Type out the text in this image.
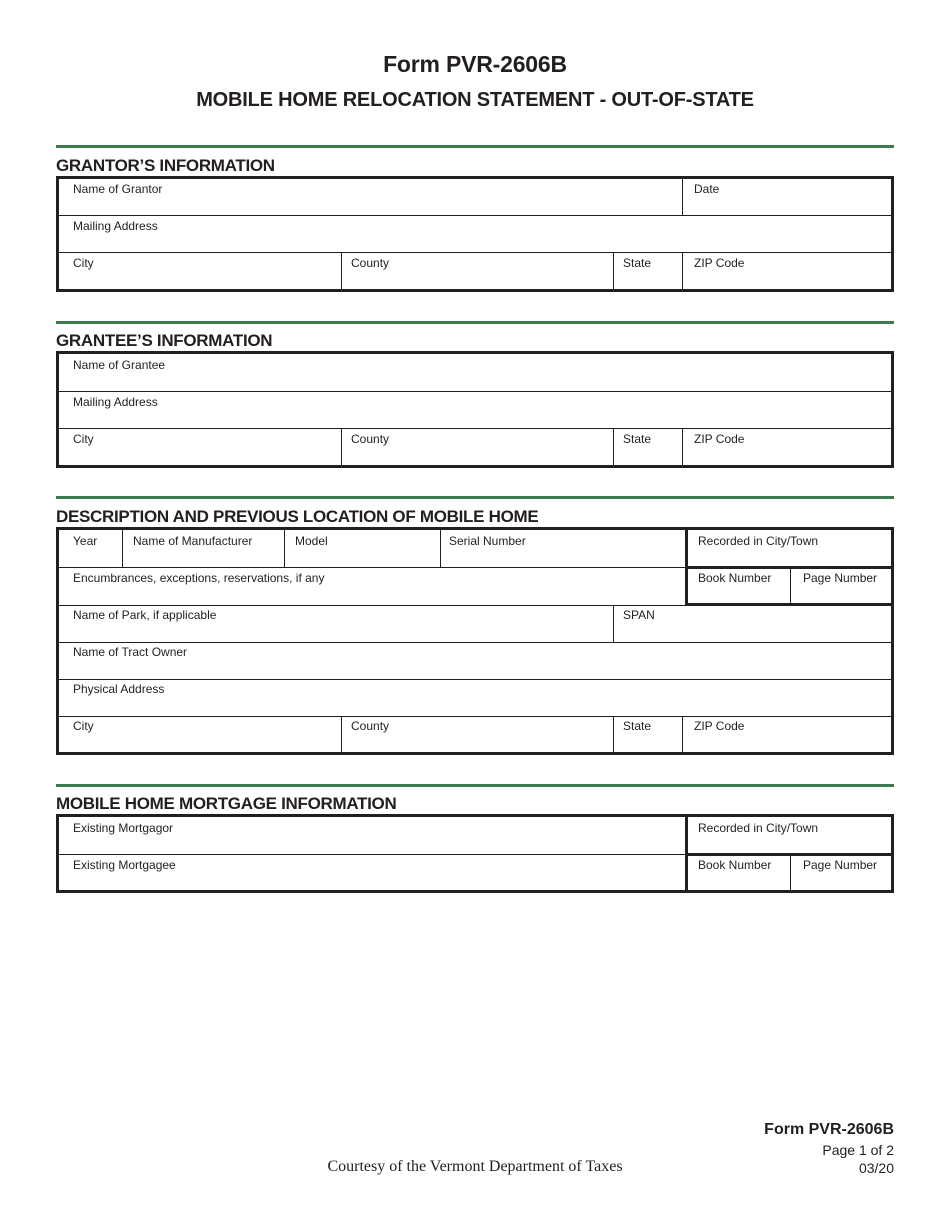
Form PVR-2606B
MOBILE HOME RELOCATION STATEMENT - OUT-OF-STATE
GRANTOR’S INFORMATION
Name of Grantor	Date
Mailing Address
City	County	State	ZIP Code
GRANTEE’S INFORMATION
Name of Grantee
Mailing Address
City	County	State	ZIP Code
DESCRIPTION AND PREVIOUS LOCATION OF MOBILE HOME
Year	Name of Manufacturer	Model	Serial Number	Recorded in City/Town
Encumbrances, exceptions, reservations, if any	Book Number	Page Number
Name of Park, if applicable	SPAN
Name of Tract Owner
Physical Address
City	County	State	ZIP Code
MOBILE HOME MORTGAGE INFORMATION
Existing Mortgagor	Recorded in City/Town
Existing Mortgagee	Book Number	Page Number
Form PVR-2606B
Page 1 of 2
03/20
Courtesy of the Vermont Department of Taxes
